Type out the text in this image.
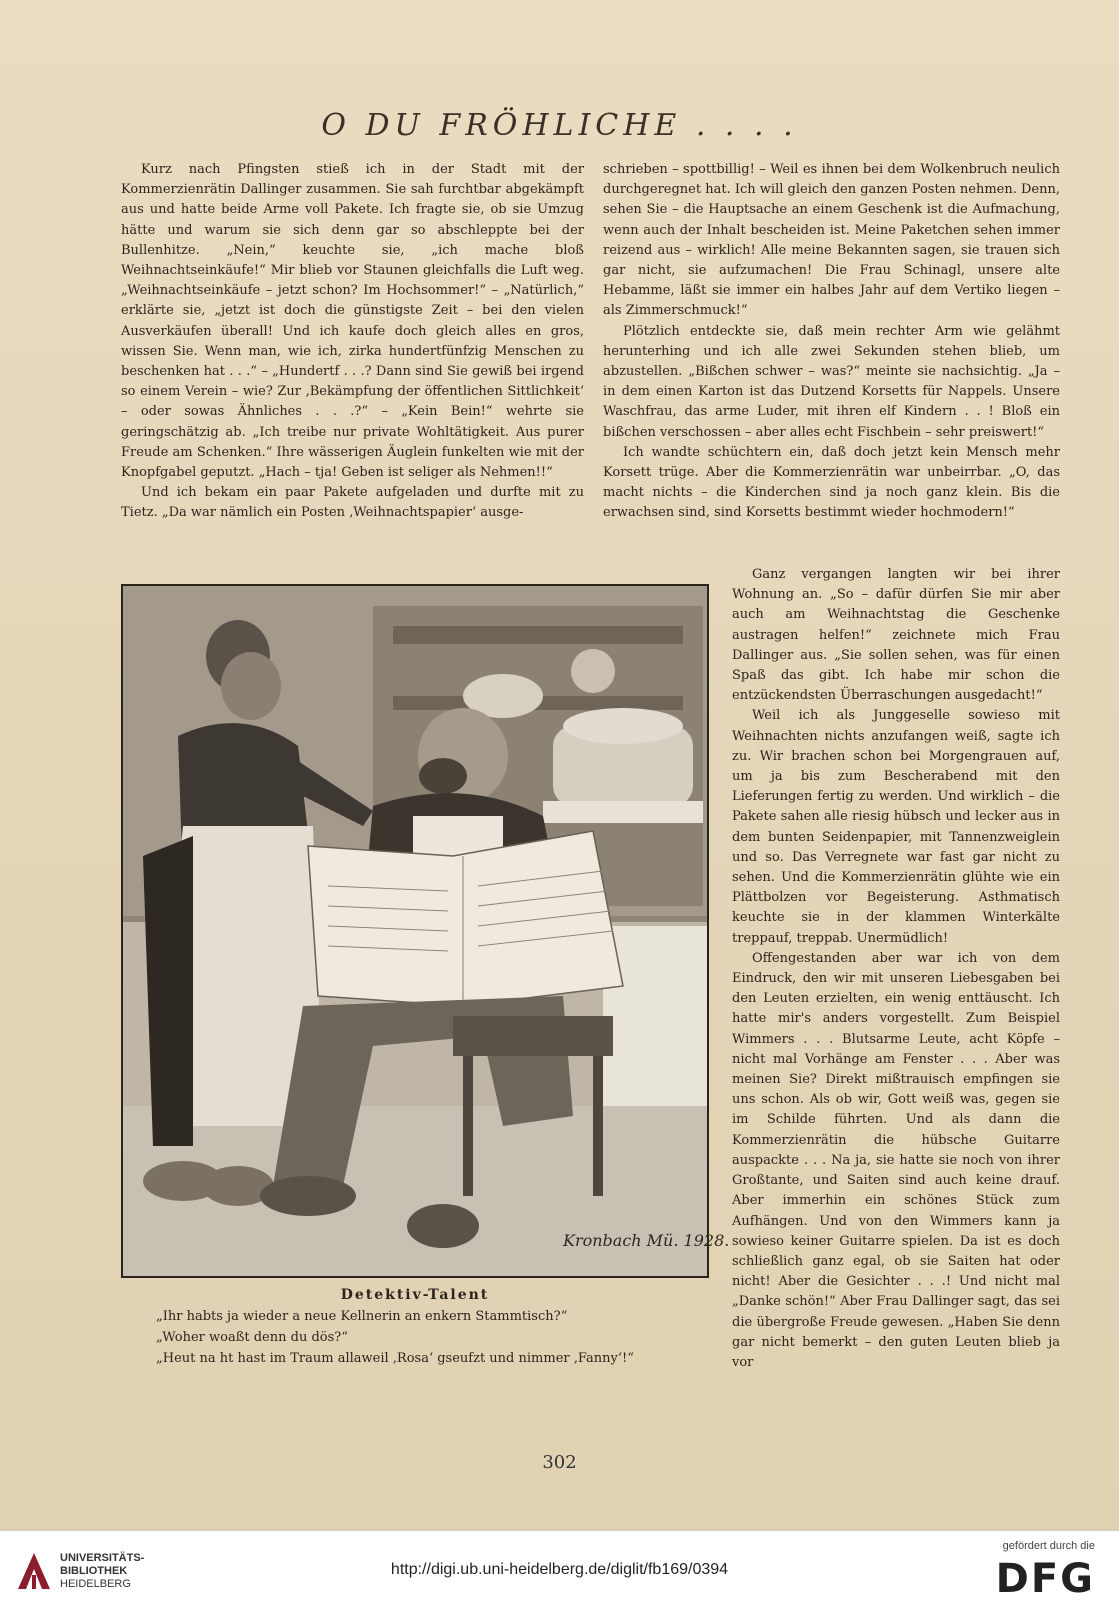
O DU FRÖHLICHE . . . .

Kurz nach Pfingsten stieß ich in der Stadt mit der Kommerzienrätin Dallinger zusammen. Sie sah furchtbar abgekämpft aus und hatte beide Arme voll Pakete. Ich fragte sie, ob sie Umzug hätte und warum sie sich denn gar so abschleppte bei der Bullenhitze. „Nein,“ keuchte sie, „ich mache bloß Weihnachtseinkäufe!“ Mir blieb vor Staunen gleichfalls die Luft weg. „Weihnachtseinkäufe – jetzt schon? Im Hochsommer!“ – „Natürlich,“ erklärte sie, „jetzt ist doch die günstigste Zeit – bei den vielen Ausverkäufen überall! Und ich kaufe doch gleich alles en gros, wissen Sie. Wenn man, wie ich, zirka hundertfünfzig Menschen zu beschenken hat . . .“ – „Hundertf . . .? Dann sind Sie gewiß bei irgend so einem Verein – wie? Zur ‚Bekämpfung der öffentlichen Sittlichkeit‘ – oder sowas Ähnliches . . .?“ – „Kein Bein!“ wehrte sie geringschätzig ab. „Ich treibe nur private Wohltätigkeit. Aus purer Freude am Schenken.“ Ihre wässerigen Äuglein funkelten wie mit der Knopfgabel geputzt. „Hach – tja! Geben ist seliger als Nehmen!!“

Und ich bekam ein paar Pakete aufgeladen und durfte mit zu Tietz. „Da war nämlich ein Posten ‚Weihnachtspapier‘ ausge-

schrieben – spottbillig! – Weil es ihnen bei dem Wolkenbruch neulich durchgeregnet hat. Ich will gleich den ganzen Posten nehmen. Denn, sehen Sie – die Hauptsache an einem Geschenk ist die Aufmachung, wenn auch der Inhalt bescheiden ist. Meine Paketchen sehen immer reizend aus – wirklich! Alle meine Bekannten sagen, sie trauen sich gar nicht, sie aufzumachen! Die Frau Schinagl, unsere alte Hebamme, läßt sie immer ein halbes Jahr auf dem Vertiko liegen – als Zimmerschmuck!“

Plötzlich entdeckte sie, daß mein rechter Arm wie gelähmt herunterhing und ich alle zwei Sekunden stehen blieb, um abzustellen. „Bißchen schwer – was?“ meinte sie nachsichtig. „Ja – in dem einen Karton ist das Dutzend Korsetts für Nappels. Unsere Waschfrau, das arme Luder, mit ihren elf Kindern . . ! Bloß ein bißchen verschossen – aber alles echt Fischbein – sehr preiswert!“

Ich wandte schüchtern ein, daß doch jetzt kein Mensch mehr Korsett trüge. Aber die Kommerzienrätin war unbeirrbar. „O, das macht nichts – die Kinderchen sind ja noch ganz klein. Bis die erwachsen sind, sind Korsetts bestimmt wieder hochmodern!“

Ganz vergangen langten wir bei ihrer Wohnung an. „So – dafür dürfen Sie mir aber auch am Weihnachtstag die Geschenke austragen helfen!“ zeichnete mich Frau Dallinger aus. „Sie sollen sehen, was für einen Spaß das gibt. Ich habe mir schon die entzückendsten Überraschungen ausgedacht!“

Weil ich als Junggeselle sowieso mit Weihnachten nichts anzufangen weiß, sagte ich zu. Wir brachen schon bei Morgengrauen auf, um ja bis zum Bescherabend mit den Lieferungen fertig zu werden. Und wirklich – die Pakete sahen alle riesig hübsch und lecker aus in dem bunten Seidenpapier, mit Tannenzweiglein und so. Das Verregnete war fast gar nicht zu sehen. Und die Kommerzienrätin glühte wie ein Plättbolzen vor Begeisterung. Asthmatisch keuchte sie in der klammen Winterkälte treppauf, treppab. Unermüdlich!

Offengestanden aber war ich von dem Eindruck, den wir mit unseren Liebesgaben bei den Leuten erzielten, ein wenig enttäuscht. Ich hatte mir's anders vorgestellt. Zum Beispiel Wimmers . . . Blutsarme Leute, acht Köpfe – nicht mal Vorhänge am Fenster . . . Aber was meinen Sie? Direkt mißtrauisch empfingen sie uns schon. Als ob wir, Gott weiß was, gegen sie im Schilde führten. Und als dann die Kommerzienrätin die hübsche Guitarre auspackte . . . Na ja, sie hatte sie noch von ihrer Großtante, und Saiten sind auch keine drauf. Aber immerhin ein schönes Stück zum Aufhängen. Und von den Wimmers kann ja sowieso keiner Guitarre spielen. Da ist es doch schließlich ganz egal, ob sie Saiten hat oder nicht! Aber die Gesichter . . .! Und nicht mal „Danke schön!“ Aber Frau Dallinger sagt, das sei die übergroße Freude gewesen. „Haben Sie denn gar nicht bemerkt – den guten Leuten blieb ja vor

Kronbach Mü. 1928.
Detektiv-Talent
„Ihr habts ja wieder a neue Kellnerin an enkern Stammtisch?“
„Woher woaßt denn du dös?“
„Heut na ht hast im Traum allaweil ‚Rosa‘ gseufzt und nimmer ‚Fanny‘!“
302
UNIVERSITÄTS-
BIBLIOTHEK
HEIDELBERG
http://digi.ub.uni-heidelberg.de/diglit/fb169/0394
gefördert durch die
DFG
